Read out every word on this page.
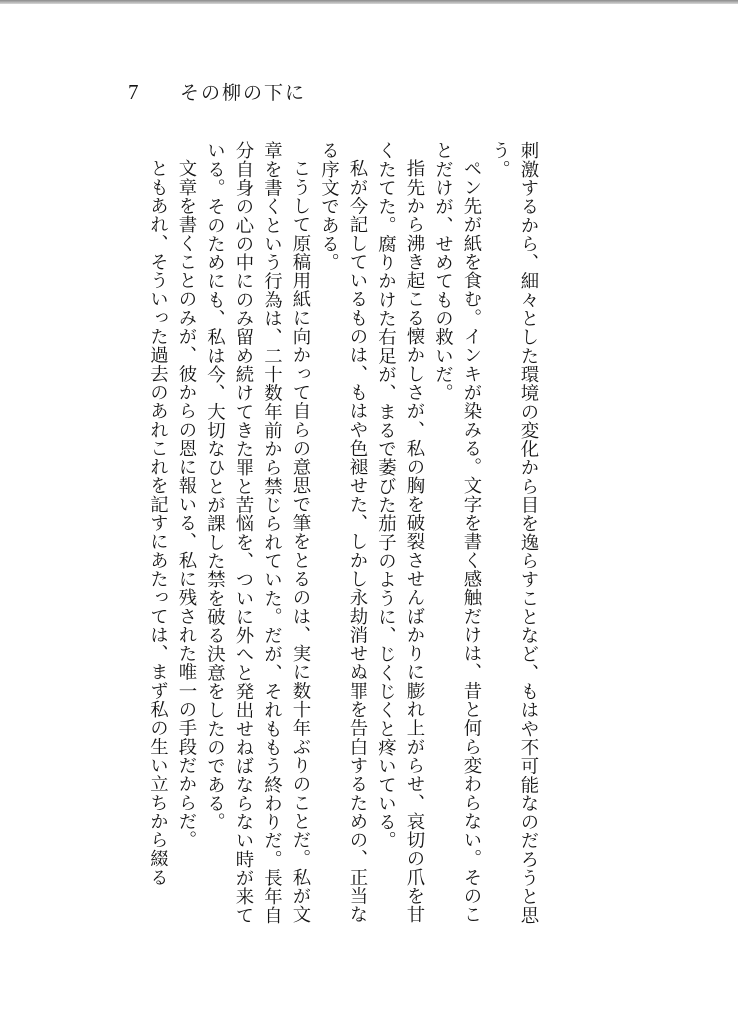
7	その柳の下に

刺激するから、細々とした環境の変化から目を逸らすことなど、もはや不可能なのだろうと思う。

ペン先が紙を食む。インキが染みる。文字を書く感触だけは、昔と何ら変わらない。そのことだけが、せめてもの救いだ。

指先から沸き起こる懐かしさが、私の胸を破裂させんばかりに膨れ上がらせ、哀切の爪を甘くたてた。腐りかけた右足が、まるで萎びた茄子のように、じくじくと疼いている。

私が今記しているものは、もはや色褪せた、しかし永劫消せぬ罪を告白するための、正当なる序文である。

こうして原稿用紙に向かって自らの意思で筆をとるのは、実に数十年ぶりのことだ。私が文章を書くという行為は、二十数年前から禁じられていた。だが、それももう終わりだ。長年自分自身の心の中にのみ留め続けてきた罪と苦悩を、ついに外へと発出せねばならない時が来ている。そのためにも、私は今、大切なひとが課した禁を破る決意をしたのである。

文章を書くことのみが、彼からの恩に報いる、私に残された唯一の手段だからだ。

ともあれ、そういった過去のあれこれを記すにあたっては、まず私の生い立ちから綴る
